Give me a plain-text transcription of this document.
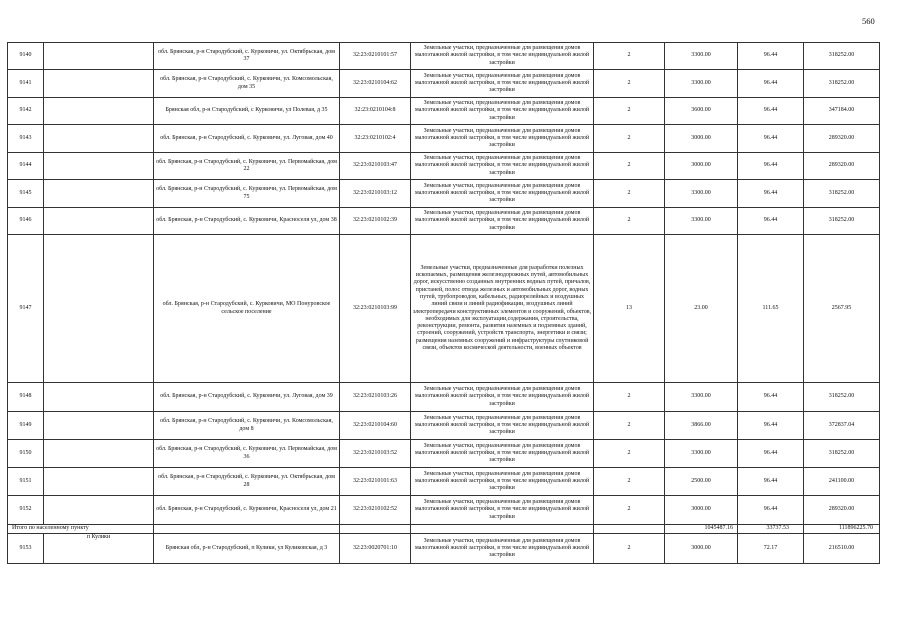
560
9140		обл. Брянская, р-н Стародубский, с. Курковичи, ул. Октябрьская, дом 37	32:23:0210101:57	Земельные участки, предназначенные для размещения домов малоэтажной жилой застройки, в том числе индивидуальной жилой застройки	2	3300.00	96.44	318252.00
9141		обл. Брянская, р-н Стародубский, с. Курковичи, ул. Комсомольская, дом 35	32:23:0210104:62	Земельные участки, предназначенные для размещения домов малоэтажной жилой застройки, в том числе индивидуальной жилой застройки	2	3300.00	96.44	318252.00
9142		Брянская обл, р-н Стародубский, с Курковичи, ул Полевая, д 35	32:23:0210104:8	Земельные участки, предназначенные для размещения домов малоэтажной жилой застройки, в том числе индивидуальной жилой застройки	2	3600.00	96.44	347184.00
9143		обл. Брянская, р-н Стародубский, с. Курковичи, ул. Луговая, дом 40	32:23:0210102:4	Земельные участки, предназначенные для размещения домов малоэтажной жилой застройки, в том числе индивидуальной жилой застройки	2	3000.00	96.44	289320.00
9144		обл. Брянская, р-н Стародубский, с. Курковичи, ул. Первомайская, дом 22	32:23:0210103:47	Земельные участки, предназначенные для размещения домов малоэтажной жилой застройки, в том числе индивидуальной жилой застройки	2	3000.00	96.44	289320.00
9145		обл. Брянская, р-н Стародубский, с. Курковичи, ул. Первомайская, дом 75	32:23:0210103:12	Земельные участки, предназначенные для размещения домов малоэтажной жилой застройки, в том числе индивидуальной жилой застройки	2	3300.00	96.44	318252.00
9146		обл. Брянская, р-н Стародубский, с. Курковичи, Красноселя ул, дом 38	32:23:0210102:39	Земельные участки, предназначенные для размещения домов малоэтажной жилой застройки, в том числе индивидуальной жилой застройки	2	3300.00	96.44	318252.00
9147		обл. Брянская, р-н Стародубский, с. Курковичи, МО Понуровское сельское поселение	32:23:0210103:99	Земельные участки, предназначенные для разработки полезных ископаемых, размещения железнодорожных путей, автомобильных дорог, искусственно созданных внутренних водных путей, причалов, пристаней, полос отвода железных и автомобильных дорог, водных путей, трубопроводов, кабельных, радиорелейных и воздушных линий связи и линий радиофикации, воздушных линий электропередачи конструктивных элементов и сооружений, объектов, необходимых для эксплуатации,содержания, строительства, реконструкции, ремонта, развития наземных и подземных зданий, строений, сооружений, устройств транспорта, энергетики и связи; размещения наземных сооружений и инфраструктуры спутниковой связи, объектов космической деятельности, военных объектов	13	23.00	111.65	2567.95
9148		обл. Брянская, р-н Стародубский, с. Курковичи, ул. Луговая, дом 39	32:23:0210103:26	Земельные участки, предназначенные для размещения домов малоэтажной жилой застройки, в том числе индивидуальной жилой застройки	2	3300.00	96.44	318252.00
9149		обл. Брянская, р-н Стародубский, с. Курковичи, ул. Комсомольская, дом 8	32:23:0210104:60	Земельные участки, предназначенные для размещения домов малоэтажной жилой застройки, в том числе индивидуальной жилой застройки	2	3866.00	96.44	372837.04
9150		обл. Брянская, р-н Стародубский, с. Курковичи, ул. Первомайская, дом 36	32:23:0210103:52	Земельные участки, предназначенные для размещения домов малоэтажной жилой застройки, в том числе индивидуальной жилой застройки	2	3300.00	96.44	318252.00
9151		обл. Брянская, р-н Стародубский, с. Курковичи, ул. Октябрьская, дом 28	32:23:0210101:63	Земельные участки, предназначенные для размещения домов малоэтажной жилой застройки, в том числе индивидуальной жилой застройки	2	2500.00	96.44	241100.00
9152		обл. Брянская, р-н Стародубский, с. Курковичи, Красноселя ул, дом 21	32:23:0210102:52	Земельные участки, предназначенные для размещения домов малоэтажной жилой застройки, в том числе индивидуальной жилой застройки	2	3000.00	96.44	289320.00
Итого по населенному пункту						1045487.16	33737.53	111896225.70
9153	п Кулики	Брянская обл, р-н Стародубский, п Кулики, ул Куликовская, д 3	32:23:0020701:10	Земельные участки, предназначенные для размещения домов малоэтажной жилой застройки, в том числе индивидуальной жилой застройки	2	3000.00	72.17	216510.00
